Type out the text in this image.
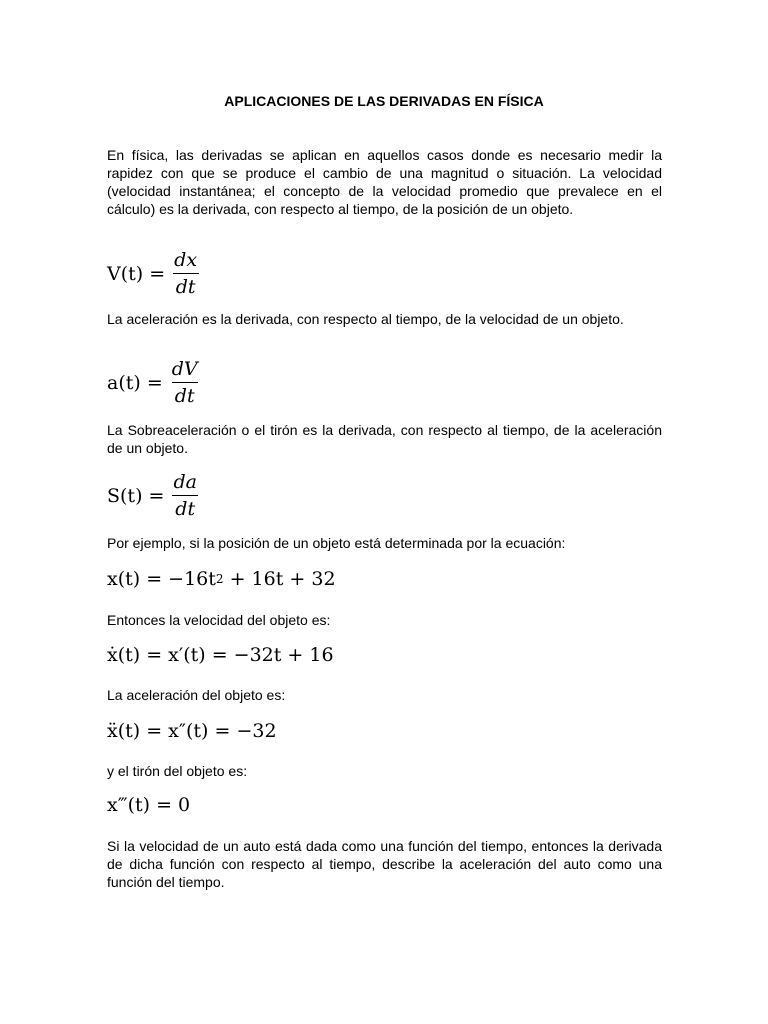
APLICACIONES DE LAS DERIVADAS EN FÍSICA

En física, las derivadas se aplican en aquellos casos donde es necesario medir la rapidez con que se produce el cambio de una magnitud o situación. La velocidad (velocidad instantánea; el concepto de la velocidad promedio que prevalece en el cálculo) es la derivada, con respecto al tiempo, de la posición de un objeto.

$V(t) = \frac{dx}{dt}$

La aceleración es la derivada, con respecto al tiempo, de la velocidad de un objeto.

$a(t) = \frac{dV}{dt}$

La Sobreaceleración o el tirón es la derivada, con respecto al tiempo, de la aceleración de un objeto.

$S(t) = \frac{da}{dt}$

Por ejemplo, si la posición de un objeto está determinada por la ecuación:

x(t) = −16t 2 + 16t + 32

Entonces la velocidad del objeto es:

ẋ(t) = x′(t) = −32t + 16

La aceleración del objeto es:

ẍ(t) = x″(t) = −32

y el tirón del objeto es:

x‴(t) = 0

Si la velocidad de un auto está dada como una función del tiempo, entonces la derivada de dicha función con respecto al tiempo, describe la aceleración del auto como una función del tiempo.
